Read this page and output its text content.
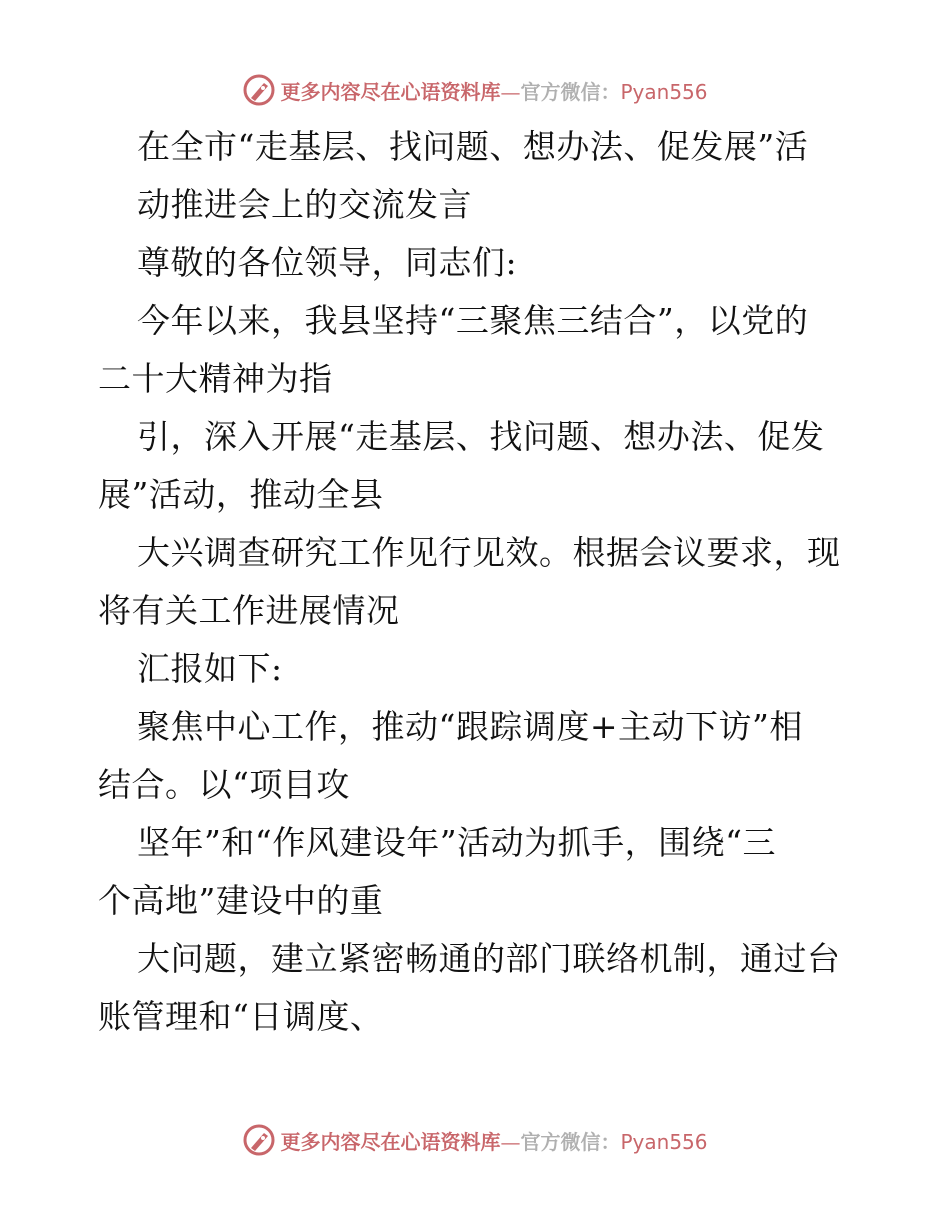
更多内容尽在心语资料库—官方微信：Pyan556
在全市“走基层、找问题、想办法、促发展”活
动推进会上的交流发言
尊敬的各位领导，同志们:
今年以来，我县坚持“三聚焦三结合”，以党的
二十大精神为指
引，深入开展“走基层、找问题、想办法、促发
展”活动，推动全县
大兴调查研究工作见行见效。根据会议要求，现
将有关工作进展情况
汇报如下:
聚焦中心工作，推动“跟踪调度+主动下访”相
结合。以“项目攻
坚年”和“作风建设年”活动为抓手，围绕“三
个高地”建设中的重
大问题，建立紧密畅通的部门联络机制，通过台
账管理和“日调度、
更多内容尽在心语资料库—官方微信：Pyan556
